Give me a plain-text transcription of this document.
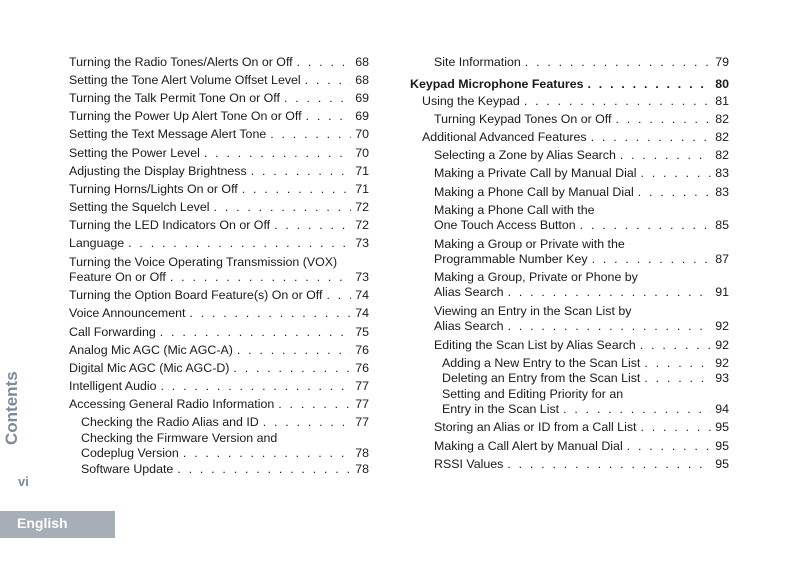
Turning the Radio Tones/Alerts On or Off . . .	68
Setting the Tone Alert Volume Offset Level . . .	68
Turning the Talk Permit Tone On or Off . . .	69
Turning the Power Up Alert Tone On or Off . . .	69
Setting the Text Message Alert Tone . . .	70
Setting the Power Level . . .	70
Adjusting the Display Brightness . . .	71
Turning Horns/Lights On or Off . . .	71
Setting the Squelch Level . . .	72
Turning the LED Indicators On or Off . . .	72
Language . . .	73
Turning the Voice Operating Transmission (VOX)
Feature On or Off . . .	73
Turning the Option Board Feature(s) On or Off . . .	74
Voice Announcement . . .	74
Call Forwarding . . .	75
Analog Mic AGC (Mic AGC-A) . . .	76
Digital Mic AGC (Mic AGC-D) . . .	76
Intelligent Audio . . .	77
Accessing General Radio Information . . .	77
Checking the Radio Alias and ID . . .	77
Checking the Firmware Version and
Codeplug Version . . .	78
Software Update . . .	78
Site Information . . .	79
Keypad Microphone Features . . .	80
Using the Keypad . . .	81
Turning Keypad Tones On or Off . . .	82
Additional Advanced Features . . .	82
Selecting a Zone by Alias Search . . .	82
Making a Private Call by Manual Dial . . .	83
Making a Phone Call by Manual Dial . . .	83
Making a Phone Call with the
One Touch Access Button . . .	85
Making a Group or Private with the
Programmable Number Key . . .	87
Making a Group, Private or Phone by
Alias Search . . .	91
Viewing an Entry in the Scan List by
Alias Search . . .	92
Editing the Scan List by Alias Search . . .	92
Adding a New Entry to the Scan List . . .	92
Deleting an Entry from the Scan List . . .	93
Setting and Editing Priority for an
Entry in the Scan List . . .	94
Storing an Alias or ID from a Call List . . .	95
Making a Call Alert by Manual Dial . . .	95
RSSI Values . . .	95
Contents
vi
English
